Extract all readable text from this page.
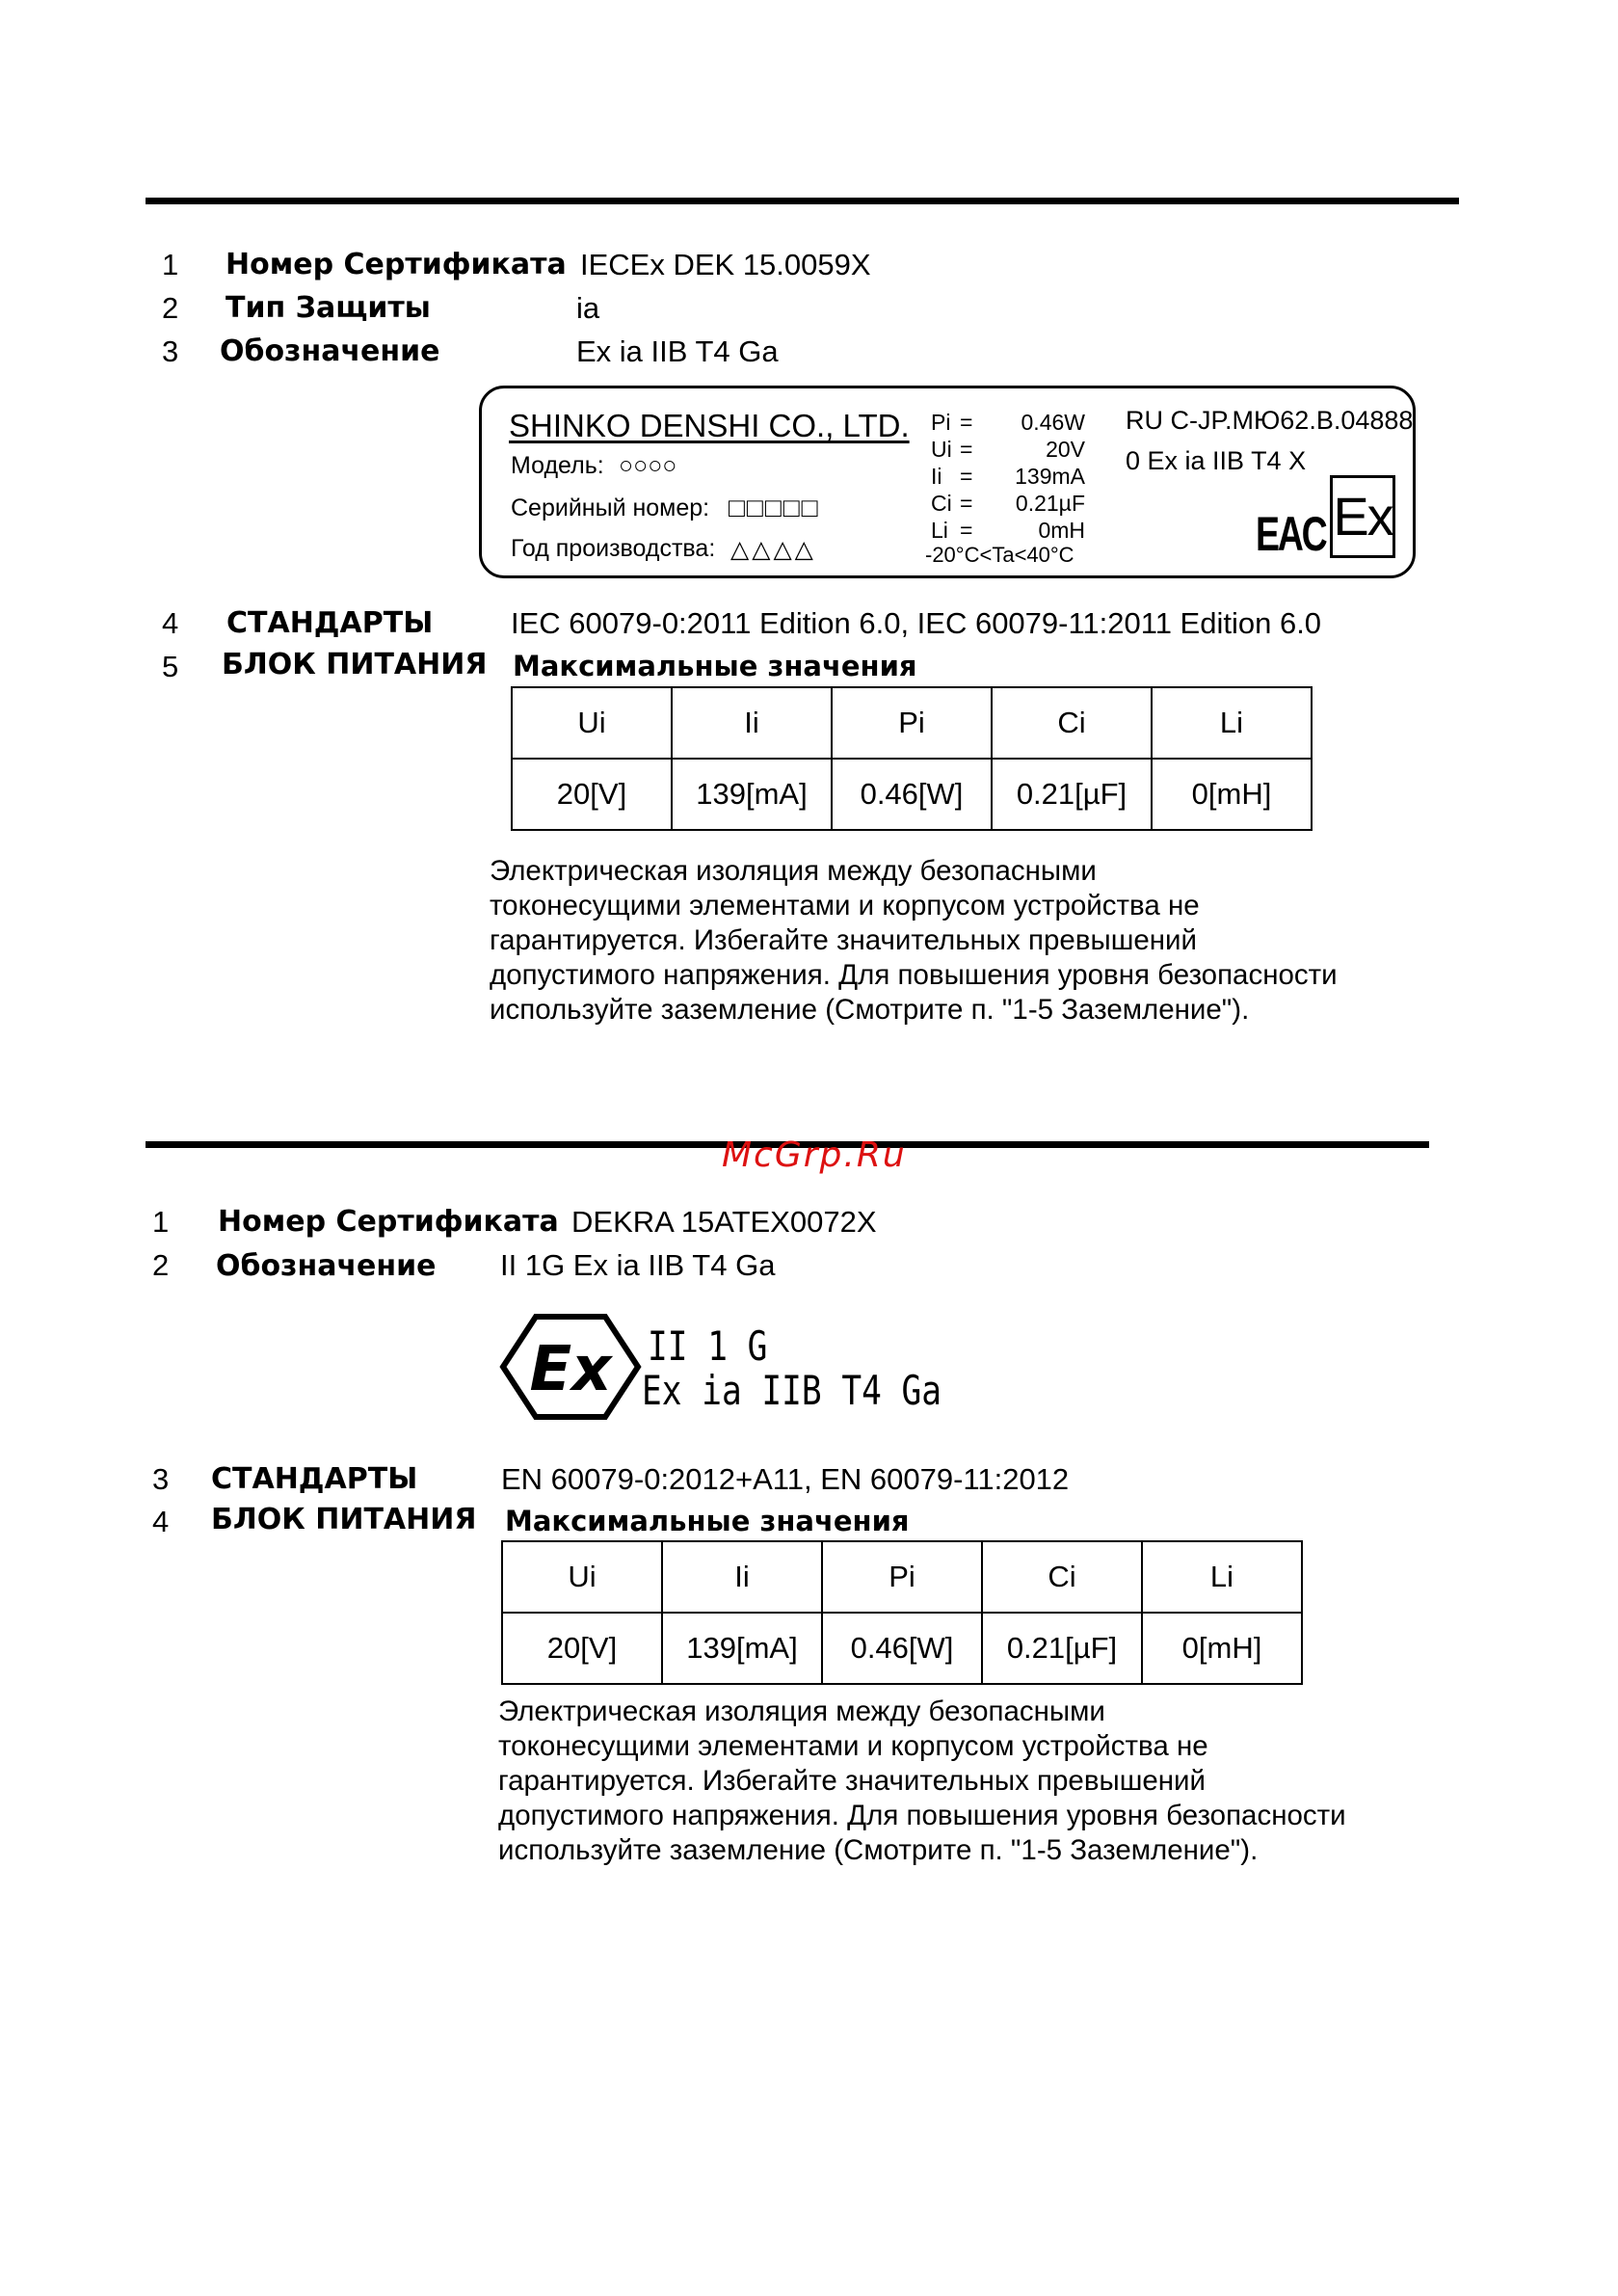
1 Номер Сертификата IECEx DEK 15.0059X
2 Тип Защиты	ia
3 Обозначение	Ex ia IIB T4 Ga
SHINKO DENSHI CO., LTD.
Модель: ○○○○
Серийный номер: □□□□□
Год производства: △△△△
Pi = 0.46W
Ui =	20V
Ii = 139mA
Ci = 0.21µF
Li =	0mH
-20°C<Ta<40°C
RU C-JP.МЮ62.В.04888
0 Ex ia IIB T4 X
EAC Ex
4 СТАНДАРТЫ	IEC 60079-0:2011 Edition 6.0, IEC 60079-11:2011 Edition 6.0
5 БЛОК ПИТАНИЯ Максимальные значения
Ui	Ii	Pi	Ci	Li
20[V]	139[mA]	0.46[W]	0.21[µF]	0[mH]
Электрическая изоляция между безопасными
токонесущими элементами и корпусом устройства не
гарантируется. Избегайте значительных превышений
допустимого напряжения. Для повышения уровня безопасности
используйте заземление (Смотрите п. "1-5 Заземление").
McGrp.Ru
1 Номер Сертификата DEKRA 15ATEX0072X
2 Обозначение II 1G Ex ia IIB T4 Ga
Ex II 1 G
Ex ia IIB T4 Ga
3 СТАНДАРТЫ	EN 60079-0:2012+A11, EN 60079-11:2012
4 БЛОК ПИТАНИЯ Максимальные значения
Ui	Ii	Pi	Ci	Li
20[V]	139[mA]	0.46[W]	0.21[µF]	0[mH]
Электрическая изоляция между безопасными
токонесущими элементами и корпусом устройства не
гарантируется. Избегайте значительных превышений
допустимого напряжения. Для повышения уровня безопасности
используйте заземление (Смотрите п. "1-5 Заземление").
